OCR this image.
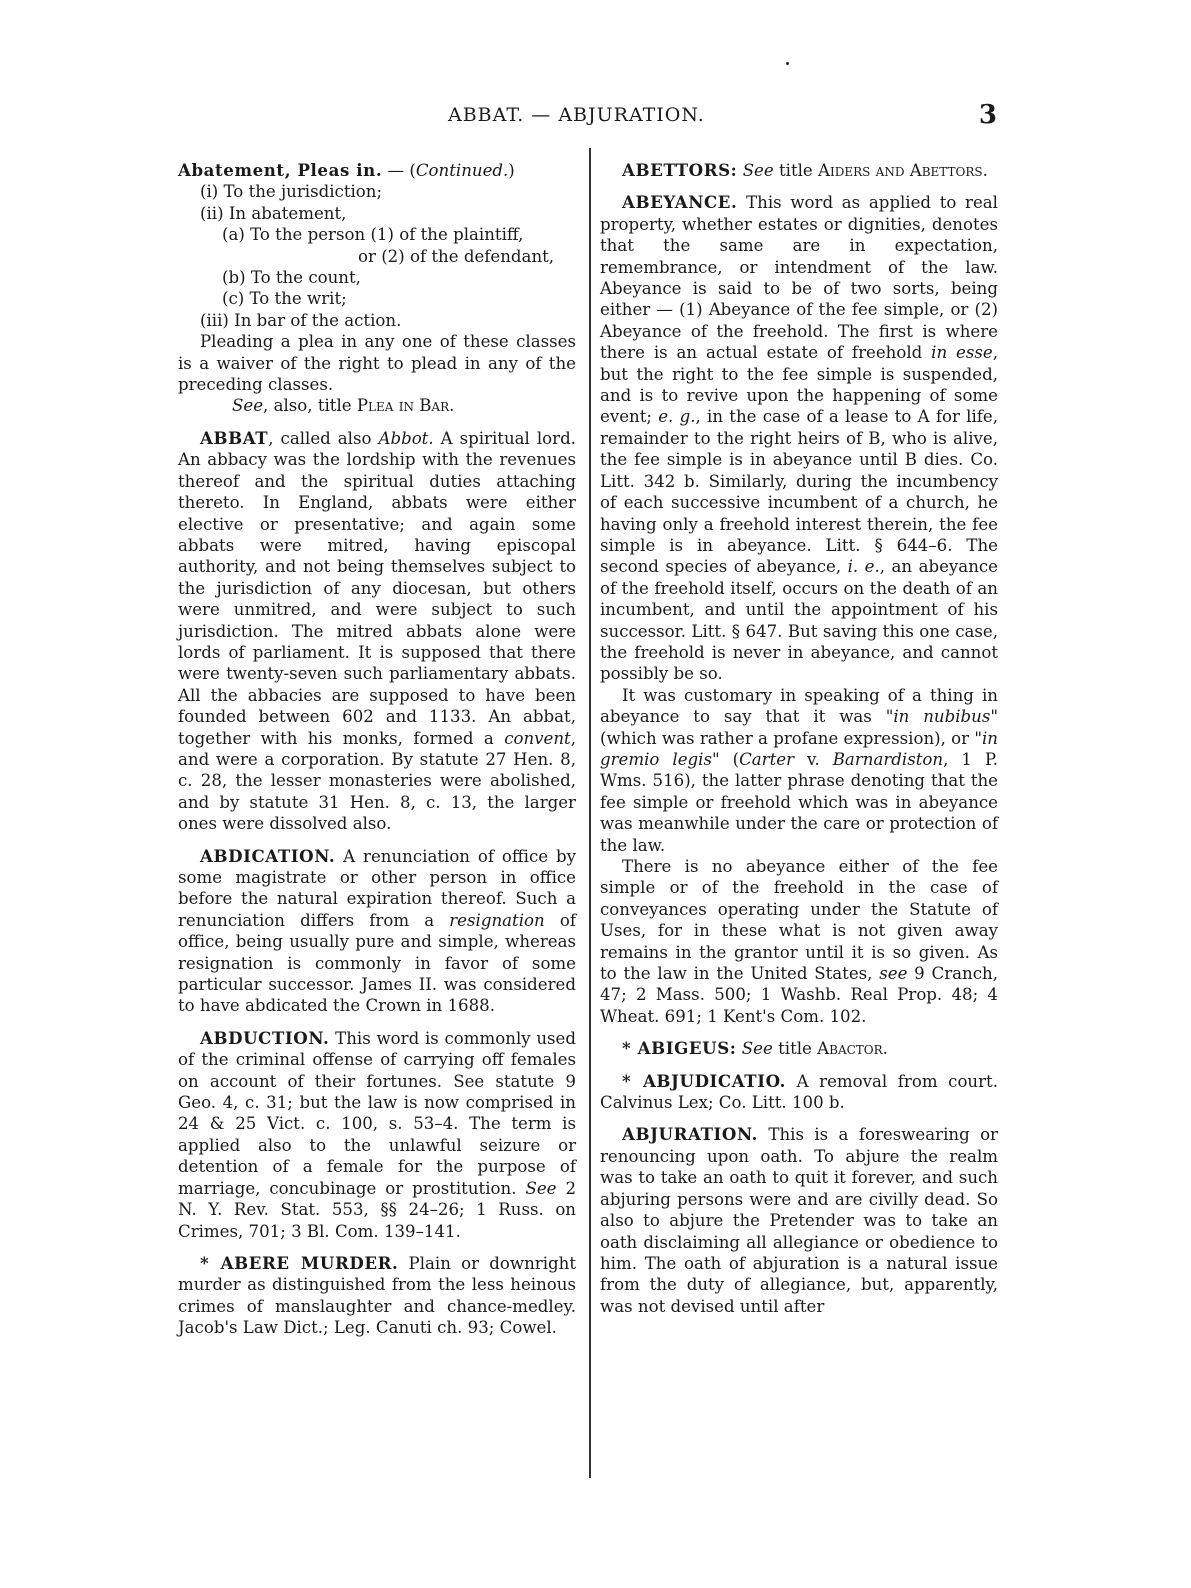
ABBAT. — ABJURATION.	3

Abatement, Pleas in. — (Continued.)

(i) To the jurisdiction;

(ii) In abatement,

(a) To the person (1) of the plaintiff,

or (2) of the defendant,

(b) To the count,

(c) To the writ;

(iii) In bar of the action.

Pleading a plea in any one of these classes is a waiver of the right to plead in any of the preceding classes.

See, also, title Plea in Bar.

ABBAT, called also Abbot. A spiritual lord. An abbacy was the lordship with the revenues thereof and the spiritual duties attaching thereto. In England, abbats were either elective or presentative; and again some abbats were mitred, having episcopal authority, and not being themselves subject to the jurisdiction of any diocesan, but others were unmitred, and were subject to such jurisdiction. The mitred abbats alone were lords of parliament. It is supposed that there were twenty-seven such parliamentary abbats. All the abbacies are supposed to have been founded between 602 and 1133. An abbat, together with his monks, formed a convent, and were a corporation. By statute 27 Hen. 8, c. 28, the lesser monasteries were abolished, and by statute 31 Hen. 8, c. 13, the larger ones were dissolved also.

ABDICATION. A renunciation of office by some magistrate or other person in office before the natural expiration thereof. Such a renunciation differs from a resignation of office, being usually pure and simple, whereas resignation is commonly in favor of some particular successor. James II. was considered to have abdicated the Crown in 1688.

ABDUCTION. This word is commonly used of the criminal offense of carrying off females on account of their fortunes. See statute 9 Geo. 4, c. 31; but the law is now comprised in 24 & 25 Vict. c. 100, s. 53–4. The term is applied also to the unlawful seizure or detention of a female for the purpose of marriage, concubinage or prostitution. See 2 N. Y. Rev. Stat. 553, §§ 24–26; 1 Russ. on Crimes, 701; 3 Bl. Com. 139–141.

* ABERE MURDER. Plain or downright murder as distinguished from the less heinous crimes of manslaughter and chance-medley. Jacob's Law Dict.; Leg. Canuti ch. 93; Cowel.

ABETTORS: See title Aiders and Abettors.

ABEYANCE. This word as applied to real property, whether estates or dignities, denotes that the same are in expectation, remembrance, or intendment of the law. Abeyance is said to be of two sorts, being either — (1) Abeyance of the fee simple, or (2) Abeyance of the freehold. The first is where there is an actual estate of freehold in esse, but the right to the fee simple is suspended, and is to revive upon the happening of some event; e. g., in the case of a lease to A for life, remainder to the right heirs of B, who is alive, the fee simple is in abeyance until B dies. Co. Litt. 342 b. Similarly, during the incumbency of each successive incumbent of a church, he having only a freehold interest therein, the fee simple is in abeyance. Litt. § 644–6. The second species of abeyance, i. e., an abeyance of the freehold itself, occurs on the death of an incumbent, and until the appointment of his successor. Litt. § 647. But saving this one case, the freehold is never in abeyance, and cannot possibly be so.

It was customary in speaking of a thing in abeyance to say that it was "in nubibus" (which was rather a profane expression), or "in gremio legis" (Carter v. Barnardiston, 1 P. Wms. 516), the latter phrase denoting that the fee simple or freehold which was in abeyance was meanwhile under the care or protection of the law.

There is no abeyance either of the fee simple or of the freehold in the case of conveyances operating under the Statute of Uses, for in these what is not given away remains in the grantor until it is so given. As to the law in the United States, see 9 Cranch, 47; 2 Mass. 500; 1 Washb. Real Prop. 48; 4 Wheat. 691; 1 Kent's Com. 102.

* ABIGEUS: See title Abactor.

* ABJUDICATIO. A removal from court. Calvinus Lex; Co. Litt. 100 b.

ABJURATION. This is a foreswearing or renouncing upon oath. To abjure the realm was to take an oath to quit it forever, and such abjuring persons were and are civilly dead. So also to abjure the Pretender was to take an oath disclaiming all allegiance or obedience to him. The oath of abjuration is a natural issue from the duty of allegiance, but, apparently, was not devised until after
